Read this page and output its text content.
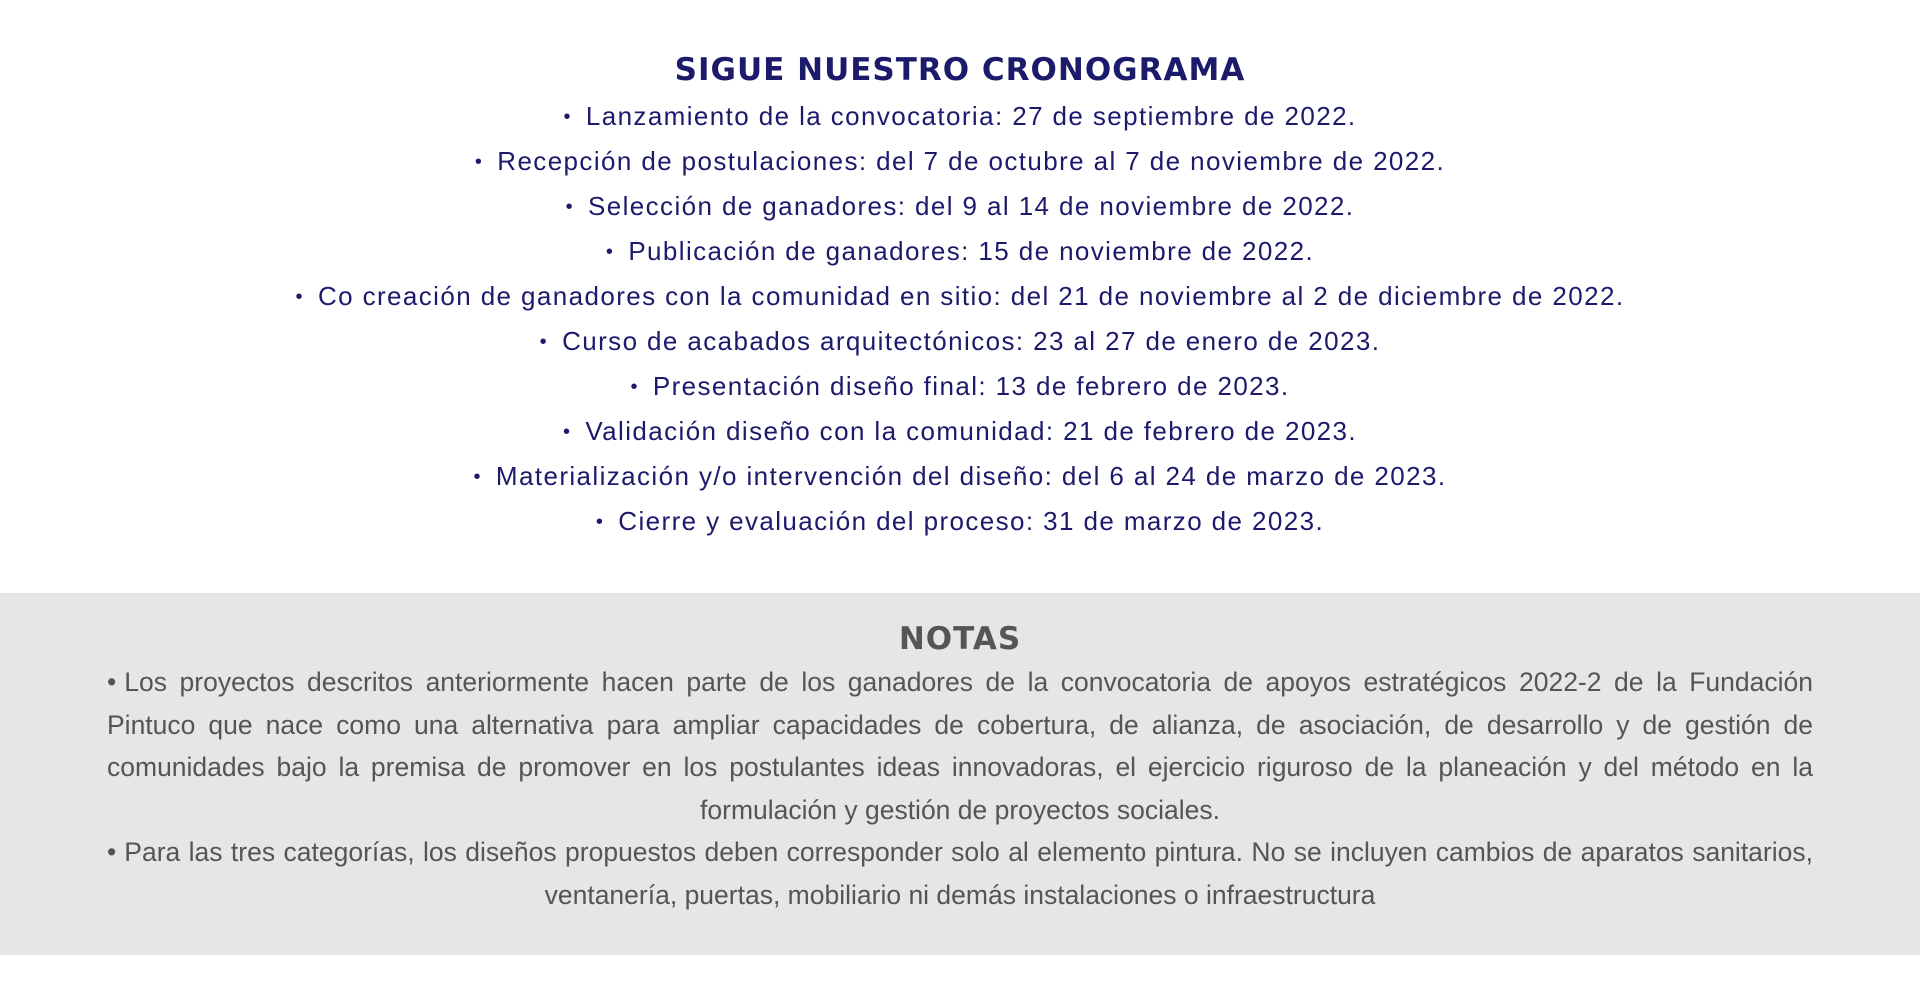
SIGUE NUESTRO CRONOGRAMA
• Lanzamiento de la convocatoria: 27 de septiembre de 2022.
• Recepción de postulaciones: del 7 de octubre al 7 de noviembre de 2022.
• Selección de ganadores: del 9 al 14 de noviembre de 2022.
• Publicación de ganadores: 15 de noviembre de 2022.
• Co creación de ganadores con la comunidad en sitio: del 21 de noviembre al 2 de diciembre de 2022.
• Curso de acabados arquitectónicos: 23 al 27 de enero de 2023.
• Presentación diseño final: 13 de febrero de 2023.
• Validación diseño con la comunidad: 21 de febrero de 2023.
• Materialización y/o intervención del diseño: del 6 al 24 de marzo de 2023.
• Cierre y evaluación del proceso: 31 de marzo de 2023.
NOTAS

• Los proyectos descritos anteriormente hacen parte de los ganadores de la convocatoria de apoyos estratégicos 2022-2 de la Fundación Pintuco que nace como una alternativa para ampliar capacidades de cobertura, de alianza, de asociación, de desarrollo y de gestión de comunidades bajo la premisa de promover en los postulantes ideas innovadoras, el ejercicio riguroso de la planeación y del método en la formulación y gestión de proyectos sociales.

• Para las tres categorías, los diseños propuestos deben corresponder solo al elemento pintura. No se incluyen cambios de aparatos sanitarios, ventanería, puertas, mobiliario ni demás instalaciones o infraestructura
